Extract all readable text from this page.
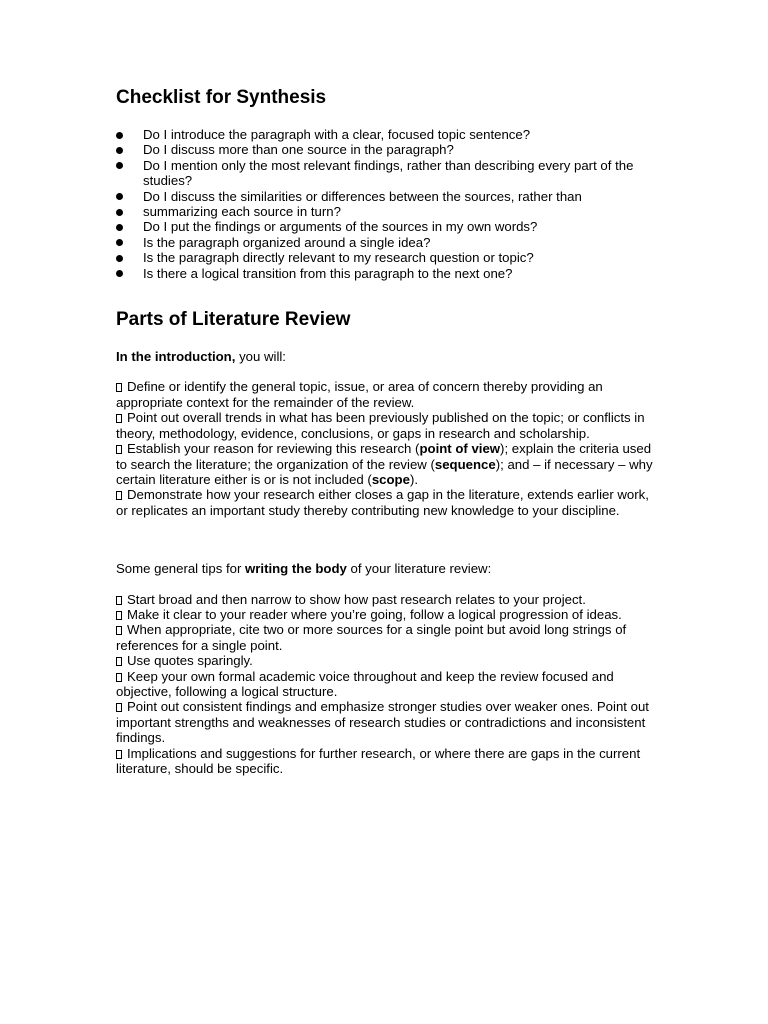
Checklist for Synthesis
Do I introduce the paragraph with a clear, focused topic sentence?
Do I discuss more than one source in the paragraph?
Do I mention only the most relevant findings, rather than describing every part of the studies?
Do I discuss the similarities or differences between the sources, rather than
summarizing each source in turn?
Do I put the findings or arguments of the sources in my own words?
Is the paragraph organized around a single idea?
Is the paragraph directly relevant to my research question or topic?
Is there a logical transition from this paragraph to the next one?
Parts of Literature Review

In the introduction, you will:

Define or identify the general topic, issue, or area of concern thereby providing an appropriate context for the remainder of the review.

Point out overall trends in what has been previously published on the topic; or conflicts in theory, methodology, evidence, conclusions, or gaps in research and scholarship.

Establish your reason for reviewing this research (point of view); explain the criteria used to search the literature; the organization of the review (sequence); and – if necessary – why certain literature either is or is not included (scope).

Demonstrate how your research either closes a gap in the literature, extends earlier work, or replicates an important study thereby contributing new knowledge to your discipline.

Some general tips for writing the body of your literature review:

Start broad and then narrow to show how past research relates to your project.

Make it clear to your reader where you’re going, follow a logical progression of ideas.

When appropriate, cite two or more sources for a single point but avoid long strings of references for a single point.

Use quotes sparingly.

Keep your own formal academic voice throughout and keep the review focused and objective, following a logical structure.

Point out consistent findings and emphasize stronger studies over weaker ones. Point out important strengths and weaknesses of research studies or contradictions and inconsistent findings.

Implications and suggestions for further research, or where there are gaps in the current literature, should be specific.
